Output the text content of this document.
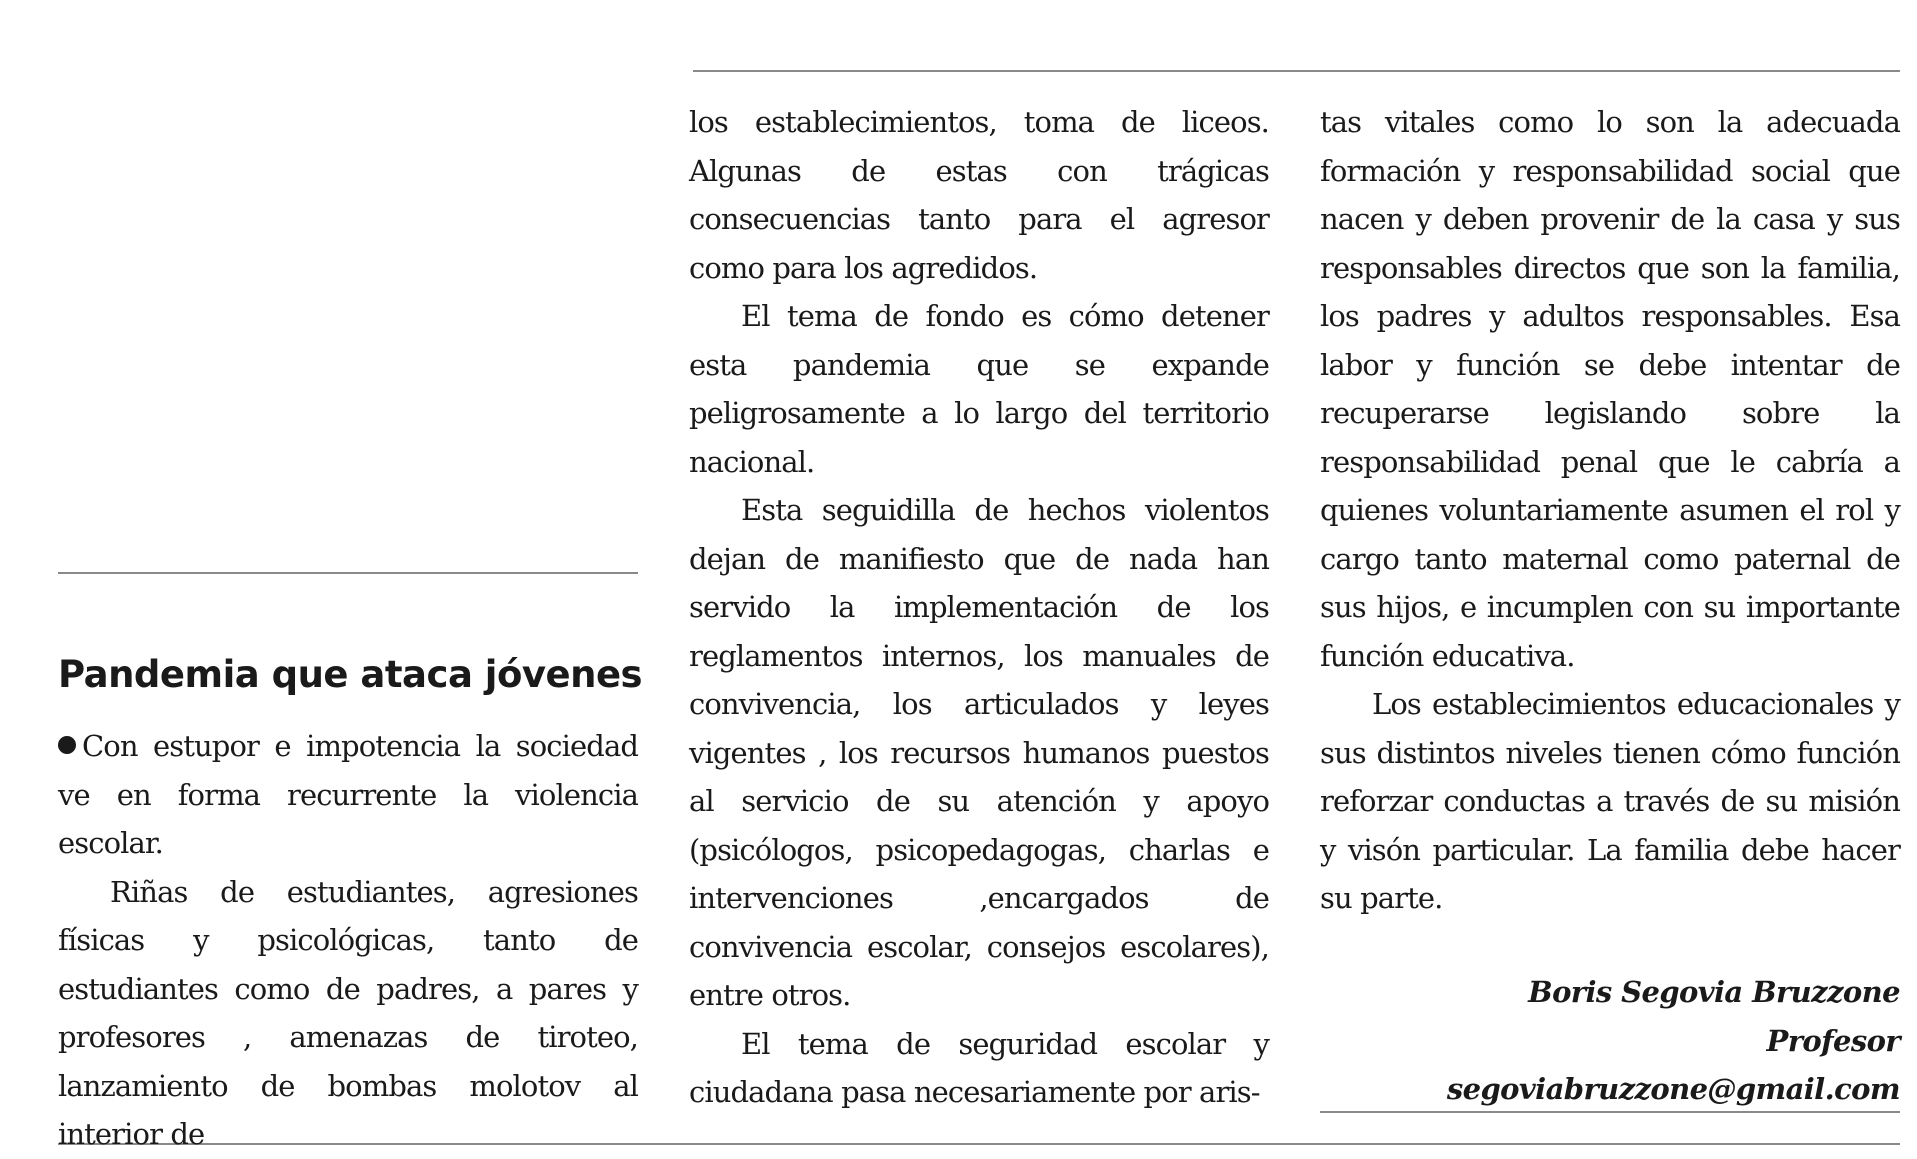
Pandemia que ataca jóvenes

Con estupor e impotencia la sociedad ve en forma recurrente la violencia escolar.

Riñas de estudiantes, agresiones físicas y psicológicas, tanto de estudiantes como de padres, a pares y profesores , amenazas de tiroteo, lanzamiento de bombas molotov al interior de

los establecimientos, toma de liceos. Algunas de estas con trágicas consecuencias tanto para el agresor como para los agredidos.

El tema de fondo es cómo detener esta pandemia que se expande peligrosamente a lo largo del territorio nacional.

Esta seguidilla de hechos violentos dejan de manifiesto que de nada han servido la implementación de los reglamentos internos, los manuales de convivencia, los articulados y leyes vigentes , los recursos humanos puestos al servicio de su atención y apoyo (psicólogos, psicopedagogas, charlas e intervenciones ,encargados de convivencia escolar, consejos escolares), entre otros.

El tema de seguridad escolar y ciudadana pasa necesariamente por aris-

tas vitales como lo son la adecuada formación y responsabilidad social que nacen y deben provenir de la casa y sus responsables directos que son la familia, los padres y adultos responsables. Esa labor y función se debe intentar de recuperarse legislando sobre la responsabilidad penal que le cabría a quienes voluntariamente asumen el rol y cargo tanto maternal como paternal de sus hijos, e incumplen con su importante función educativa.

Los establecimientos educacionales y sus distintos niveles tienen cómo función reforzar conductas a través de su misión y visón particular. La familia debe hacer su parte.

Boris Segovia Bruzzone
Profesor
segoviabruzzone@gmail.com
